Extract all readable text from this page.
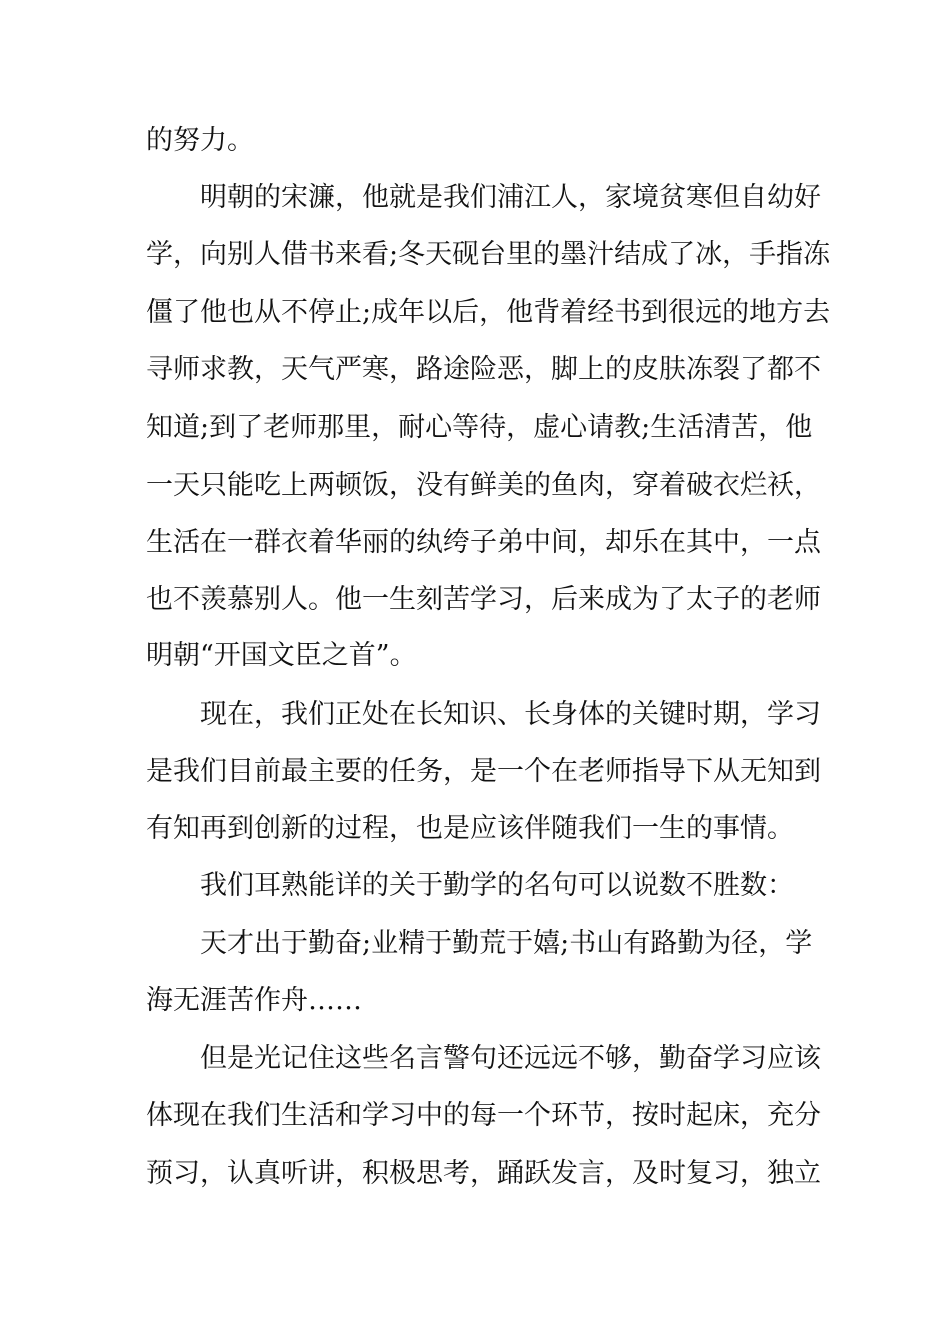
的努力。
明朝的宋濂，他就是我们浦江人，家境贫寒但自幼好
学，向别人借书来看;冬天砚台里的墨汁结成了冰，手指冻
僵了他也从不停止;成年以后，他背着经书到很远的地方去
寻师求教，天气严寒，路途险恶，脚上的皮肤冻裂了都不
知道;到了老师那里，耐心等待，虚心请教;生活清苦，他
一天只能吃上两顿饭，没有鲜美的鱼肉，穿着破衣烂袄，
生活在一群衣着华丽的纨绔子弟中间，却乐在其中，一点
也不羡慕别人。他一生刻苦学习，后来成为了太子的老师
明朝“开国文臣之首”。
现在，我们正处在长知识、长身体的关键时期，学习
是我们目前最主要的任务，是一个在老师指导下从无知到
有知再到创新的过程，也是应该伴随我们一生的事情。
我们耳熟能详的关于勤学的名句可以说数不胜数：
天才出于勤奋;业精于勤荒于嬉;书山有路勤为径，学
海无涯苦作舟……
但是光记住这些名言警句还远远不够，勤奋学习应该
体现在我们生活和学习中的每一个环节，按时起床，充分
预习，认真听讲，积极思考，踊跃发言，及时复习，独立
